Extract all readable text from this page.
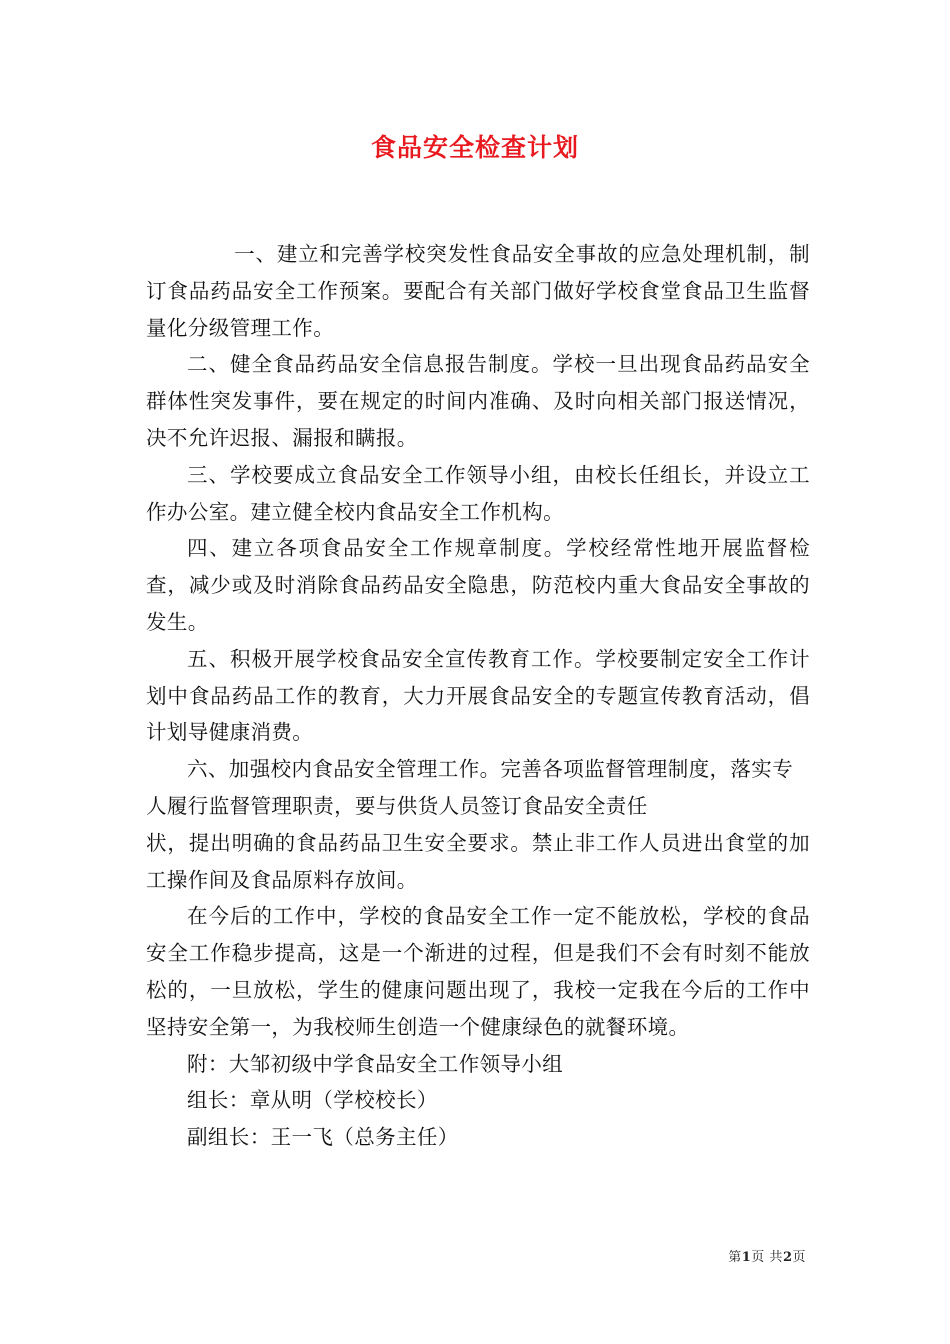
食品安全检查计划

一、建立和完善学校突发性食品安全事故的应急处理机制，制订食品药品安全工作预案。要配合有关部门做好学校食堂食品卫生监督量化分级管理工作。

二、健全食品药品安全信息报告制度。学校一旦出现食品药品安全群体性突发事件，要在规定的时间内准确、及时向相关部门报送情况，决不允许迟报、漏报和瞒报。

三、学校要成立食品安全工作领导小组，由校长任组长，并设立工作办公室。建立健全校内食品安全工作机构。

四、建立各项食品安全工作规章制度。学校经常性地开展监督检查，减少或及时消除食品药品安全隐患，防范校内重大食品安全事故的发生。

五、积极开展学校食品安全宣传教育工作。学校要制定安全工作计划中食品药品工作的教育，大力开展食品安全的专题宣传教育活动，倡计划导健康消费。

六、加强校内食品安全管理工作。完善各项监督管理制度，落实专人履行监督管理职责，要与供货人员签订食品安全责任

状，提出明确的食品药品卫生安全要求。禁止非工作人员进出食堂的加工操作间及食品原料存放间。

在今后的工作中，学校的食品安全工作一定不能放松，学校的食品安全工作稳步提高，这是一个渐进的过程，但是我们不会有时刻不能放松的，一旦放松，学生的健康问题出现了，我校一定我在今后的工作中坚持安全第一，为我校师生创造一个健康绿色的就餐环境。

附：大邹初级中学食品安全工作领导小组

组长：章从明（学校校长）

副组长：王一飞（总务主任）

第1页 共2页
